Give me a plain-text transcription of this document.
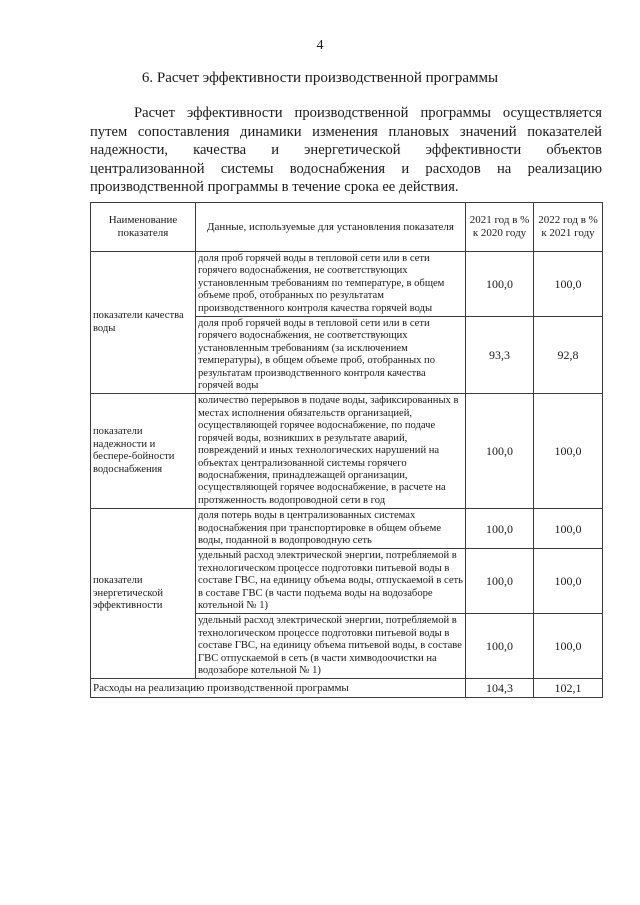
4
6. Расчет эффективности производственной программы

Расчет эффективности производственной программы осуществляется путем сопоставления динамики изменения плановых значений показателей надежности, качества и энергетической эффективности объектов централизованной системы водоснабжения и расходов на реализацию производственной программы в течение срока ее действия.

Наименование показателя	Данные, используемые для установления показателя	2021 год в % к 2020 году	2022 год в % к 2021 году
показатели качества воды	доля проб горячей воды в тепловой сети или в сети горячего водоснабжения, не соответствующих установленным требованиям по температуре, в общем объеме проб, отобранных по результатам производственного контроля качества горячей воды	100,0	100,0
	доля проб горячей воды в тепловой сети или в сети горячего водоснабжения, не соответствующих установленным требованиям (за исключением температуры), в общем объеме проб, отобранных по результатам производственного контроля качества горячей воды	93,3	92,8
показатели надежности и беспере-бойности водоснабжения	количество перерывов в подаче воды, зафиксированных в местах исполнения обязательств организацией, осуществляющей горячее водоснабжение, по подаче горячей воды, возникших в результате аварий, повреждений и иных технологических нарушений на объектах централизованной системы горячего водоснабжения, принадлежащей организации, осуществляющей горячее водоснабжение, в расчете на протяженность водопроводной сети в год	100,0	100,0
показатели энергетической эффективности	доля потерь воды в централизованных системах водоснабжения при транспортировке в общем объеме воды, поданной в водопроводную сеть	100,0	100,0
	удельный расход электрической энергии, потребляемой в технологическом процессе подготовки питьевой воды в составе ГВС, на единицу объема воды, отпускаемой в сеть в составе ГВС (в части подъема воды на водозаборе котельной № 1)	100,0	100,0
	удельный расход электрической энергии, потребляемой в технологическом процессе подготовки питьевой воды в составе ГВС, на единицу объема питьевой воды, в составе ГВС отпускаемой в сеть (в части химводоочистки на водозаборе котельной № 1)	100,0	100,0
Расходы на реализацию производственной программы		104,3	102,1
